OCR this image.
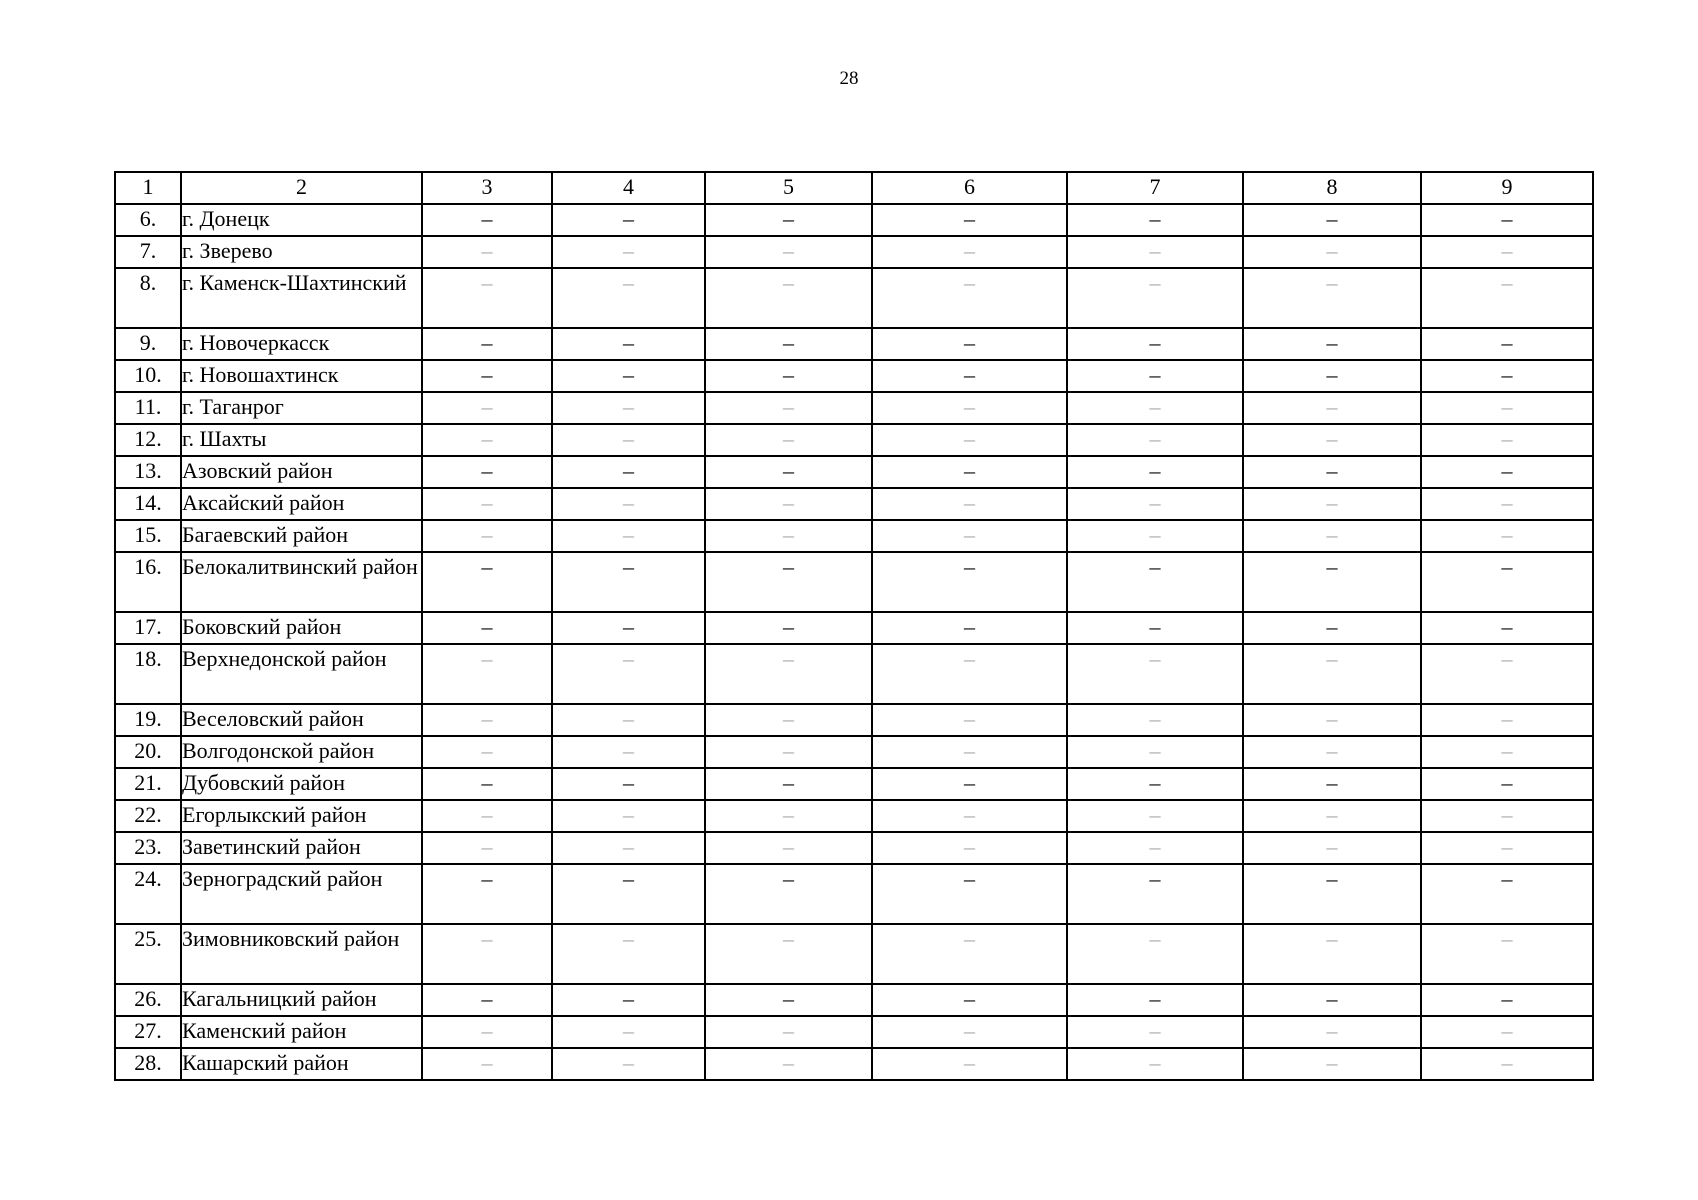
28
1	2	3	4	5	6	7	8	9
6.	г. Донецк	–	–	–	–	–	–	–
7.	г. Зверево	–	–	–	–	–	–	–
8.	г. Каменск-Шахтинский	–	–	–	–	–	–	–
9.	г. Новочеркасск	–	–	–	–	–	–	–
10.	г. Новошахтинск	–	–	–	–	–	–	–
11.	г. Таганрог	–	–	–	–	–	–	–
12.	г. Шахты	–	–	–	–	–	–	–
13.	Азовский район	–	–	–	–	–	–	–
14.	Аксайский район	–	–	–	–	–	–	–
15.	Багаевский район	–	–	–	–	–	–	–
16.	Белокалитвинский район	–	–	–	–	–	–	–
17.	Боковский район	–	–	–	–	–	–	–
18.	Верхнедонской район	–	–	–	–	–	–	–
19.	Веселовский район	–	–	–	–	–	–	–
20.	Волгодонской район	–	–	–	–	–	–	–
21.	Дубовский район	–	–	–	–	–	–	–
22.	Егорлыкский район	–	–	–	–	–	–	–
23.	Заветинский район	–	–	–	–	–	–	–
24.	Зерноградский район	–	–	–	–	–	–	–
25.	Зимовниковский район	–	–	–	–	–	–	–
26.	Кагальницкий район	–	–	–	–	–	–	–
27.	Каменский район	–	–	–	–	–	–	–
28.	Кашарский район	–	–	–	–	–	–	–
